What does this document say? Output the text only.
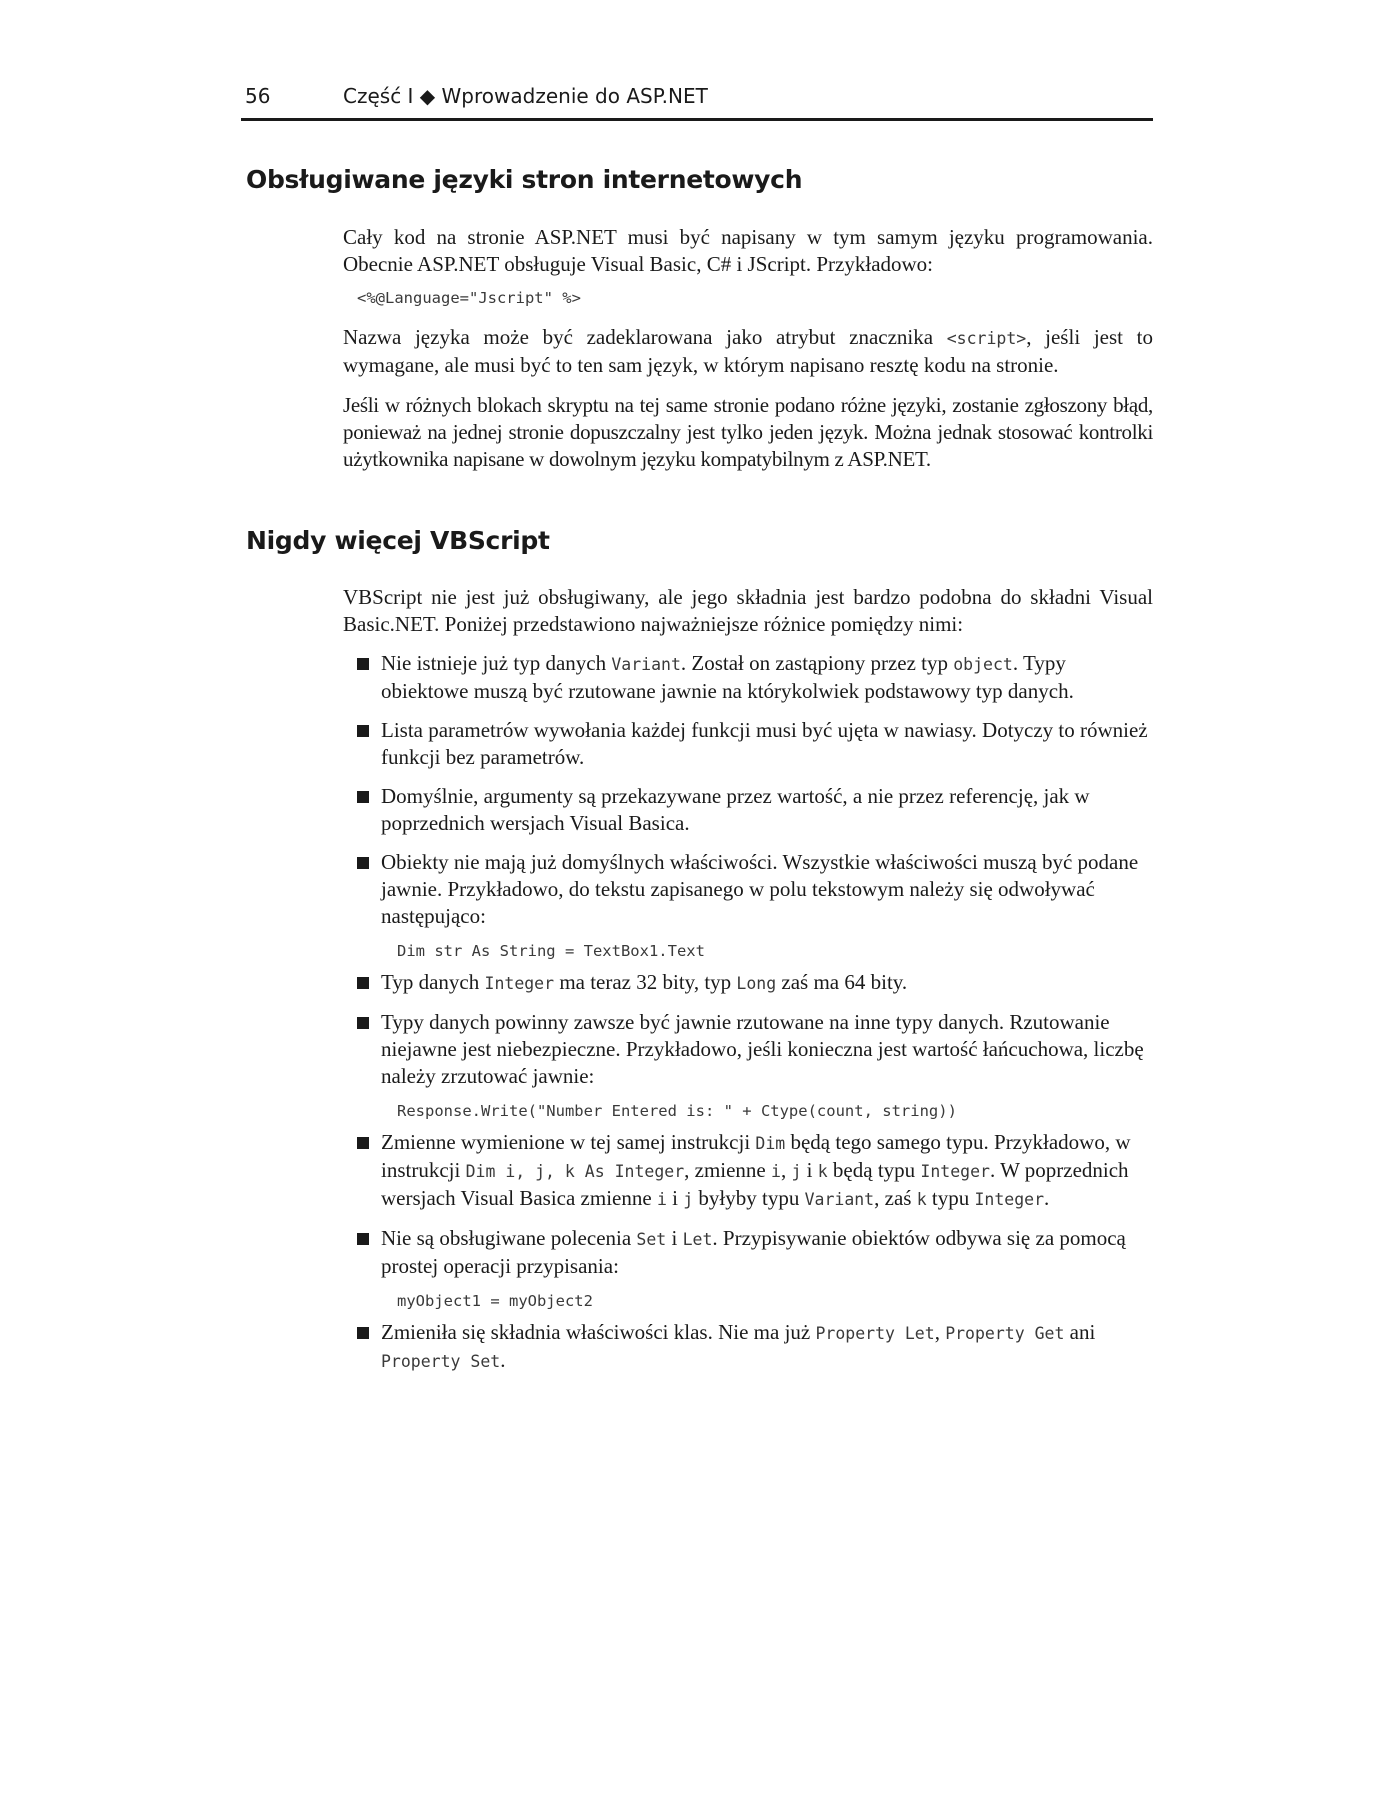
56	Część I ◆ Wprowadzenie do ASP.NET
Obsługiwane języki stron internetowych

Cały kod na stronie ASP.NET musi być napisany w tym samym języku programowania. Obecnie ASP.NET obsługuje Visual Basic, C# i JScript. Przykładowo:

<%@Language="Jscript" %>

Nazwa języka może być zadeklarowana jako atrybut znacznika <script>, jeśli jest to wymagane, ale musi być to ten sam język, w którym napisano resztę kodu na stronie.

Jeśli w różnych blokach skryptu na tej same stronie podano różne języki, zostanie zgłoszony błąd, ponieważ na jednej stronie dopuszczalny jest tylko jeden język. Można jednak stosować kontrolki użytkownika napisane w dowolnym języku kompatybilnym z ASP.NET.

Nigdy więcej VBScript

VBScript nie jest już obsługiwany, ale jego składnia jest bardzo podobna do składni Visual Basic.NET. Poniżej przedstawiono najważniejsze różnice pomiędzy nimi:

Nie istnieje już typ danych Variant. Został on zastąpiony przez typ object. Typy obiektowe muszą być rzutowane jawnie na którykolwiek podstawowy typ danych.
Lista parametrów wywołania każdej funkcji musi być ujęta w nawiasy. Dotyczy to również funkcji bez parametrów.
Domyślnie, argumenty są przekazywane przez wartość, a nie przez referencję, jak w poprzednich wersjach Visual Basica.
Obiekty nie mają już domyślnych właściwości. Wszystkie właściwości muszą być podane jawnie. Przykładowo, do tekstu zapisanego w polu tekstowym należy się odwoływać następująco:
Dim str As String = TextBox1.Text
Typ danych Integer ma teraz 32 bity, typ Long zaś ma 64 bity.
Typy danych powinny zawsze być jawnie rzutowane na inne typy danych. Rzutowanie niejawne jest niebezpieczne. Przykładowo, jeśli konieczna jest wartość łańcuchowa, liczbę należy zrzutować jawnie:
Response.Write("Number Entered is: " + Ctype(count, string))
Zmienne wymienione w tej samej instrukcji Dim będą tego samego typu. Przykładowo, w instrukcji Dim i, j, k As Integer, zmienne i, j i k będą typu Integer. W poprzednich wersjach Visual Basica zmienne i i j byłyby typu Variant, zaś k typu Integer.
Nie są obsługiwane polecenia Set i Let. Przypisywanie obiektów odbywa się za pomocą prostej operacji przypisania:
myObject1 = myObject2
Zmieniła się składnia właściwości klas. Nie ma już Property Let, Property Get ani Property Set.
